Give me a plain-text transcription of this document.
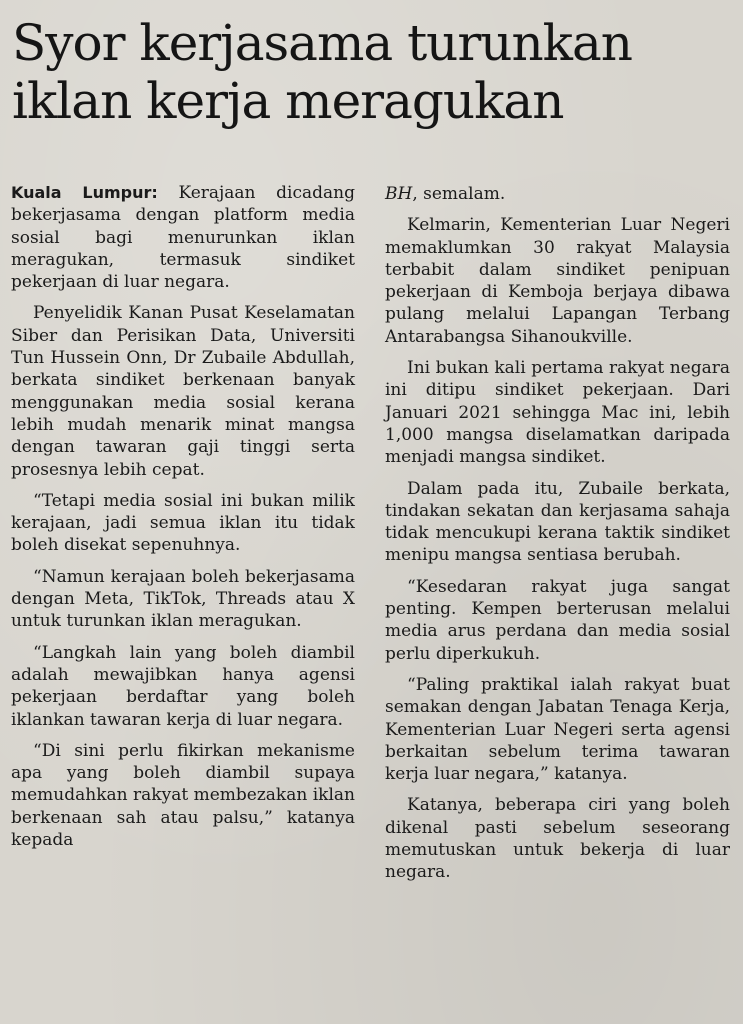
Syor kerjasama turunkan
iklan kerja meragukan

Kuala Lumpur: Kerajaan dicadang bekerjasama dengan platform media sosial bagi menurunkan iklan meragukan, termasuk sindiket pekerjaan di luar negara.

Penyelidik Kanan Pusat Keselamatan Siber dan Perisikan Data, Universiti Tun Hussein Onn, Dr Zubaile Abdullah, berkata sindiket berkenaan banyak menggunakan media sosial kerana lebih mudah menarik minat mangsa dengan tawaran gaji tinggi serta prosesnya lebih cepat.

“Tetapi media sosial ini bukan milik kerajaan, jadi semua iklan itu tidak boleh disekat sepenuhnya.

“Namun kerajaan boleh bekerjasama dengan Meta, TikTok, Threads atau X untuk turunkan iklan meragukan.

“Langkah lain yang boleh diambil adalah mewajibkan hanya agensi pekerjaan berdaftar yang boleh iklankan tawaran kerja di luar negara.

“Di sini perlu fikirkan mekanisme apa yang boleh diambil supaya memudahkan rakyat membezakan iklan berkenaan sah atau palsu,” katanya kepada

BH, semalam.

Kelmarin, Kementerian Luar Negeri memaklumkan 30 rakyat Malaysia terbabit dalam sindiket penipuan pekerjaan di Kemboja berjaya dibawa pulang melalui Lapangan Terbang Antarabangsa Sihanoukville.

Ini bukan kali pertama rakyat negara ini ditipu sindiket pekerjaan. Dari Januari 2021 sehingga Mac ini, lebih 1,000 mangsa diselamatkan daripada menjadi mangsa sindiket.

Dalam pada itu, Zubaile berkata, tindakan sekatan dan kerjasama sahaja tidak mencukupi kerana taktik sindiket menipu mangsa sentiasa berubah.

“Kesedaran rakyat juga sangat penting. Kempen berterusan melalui media arus perdana dan media sosial perlu diperkukuh.

“Paling praktikal ialah rakyat buat semakan dengan Jabatan Tenaga Kerja, Kementerian Luar Negeri serta agensi berkaitan sebelum terima tawaran kerja luar negara,” katanya.

Katanya, beberapa ciri yang boleh dikenal pasti sebelum seseorang memutuskan untuk bekerja di luar negara.
